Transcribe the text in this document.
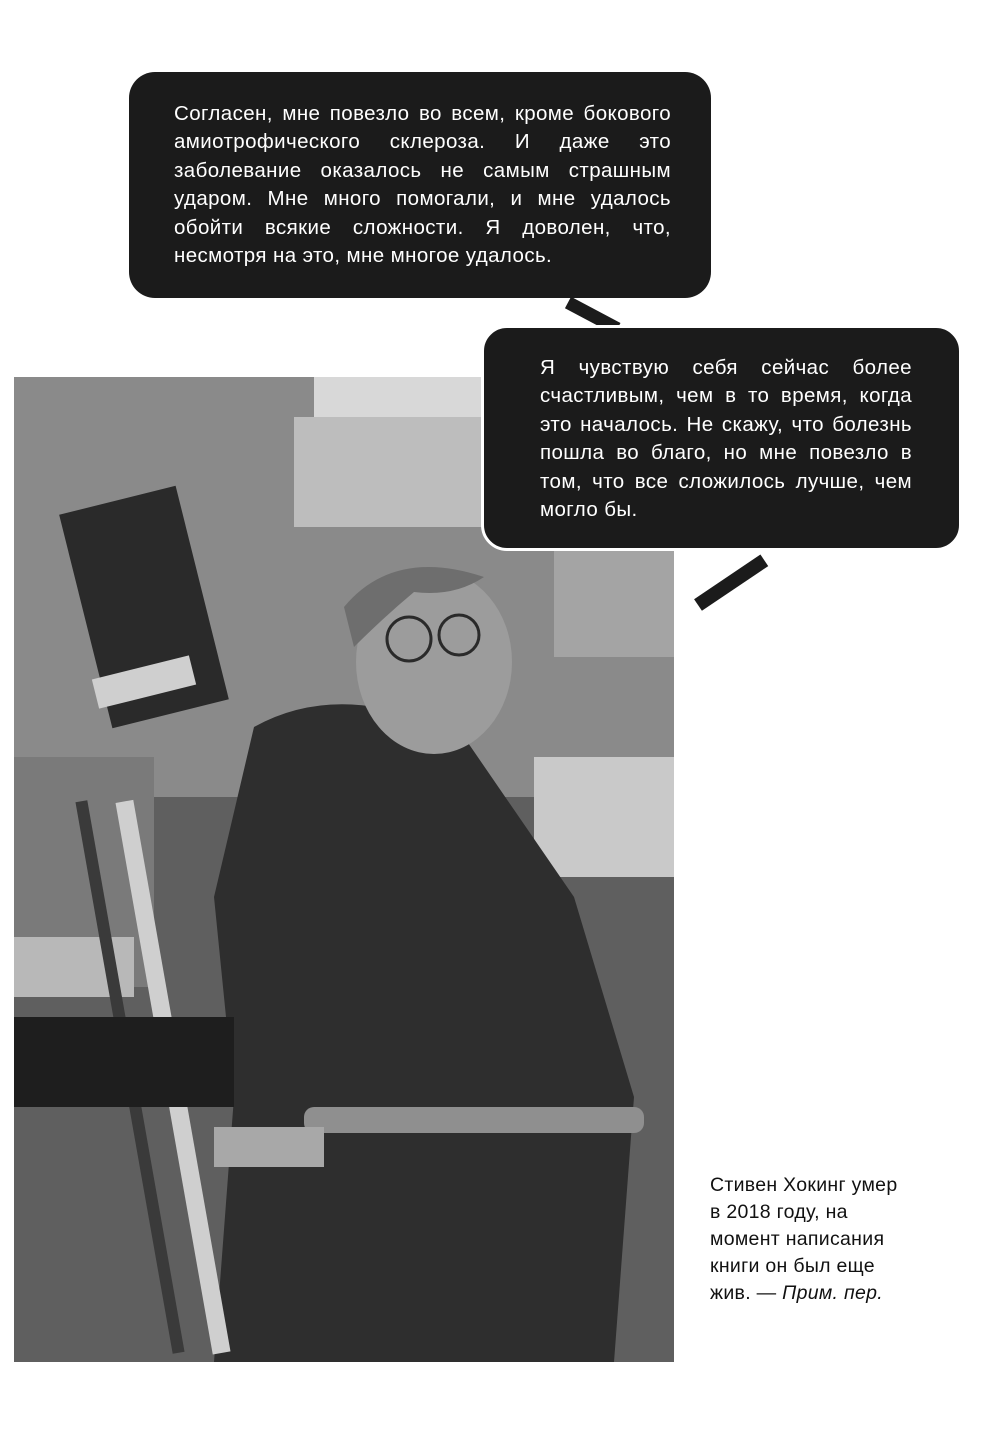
Согласен, мне повезло во всем, кроме бокового амиотрофического склероза. И даже это заболевание оказалось не самым страшным ударом. Мне много помогали, и мне удалось обойти всякие сложности. Я доволен, что, несмотря на это, мне многое удалось.

Я чувствую себя сейчас более счастливым, чем в то время, когда это началось. Не скажу, что болезнь пошла во благо, но мне повезло в том, что все сложилось лучше, чем могло бы.

Стивен Хокинг умер в 2018 году, на момент написания книги он был еще жив. — Прим. пер.
